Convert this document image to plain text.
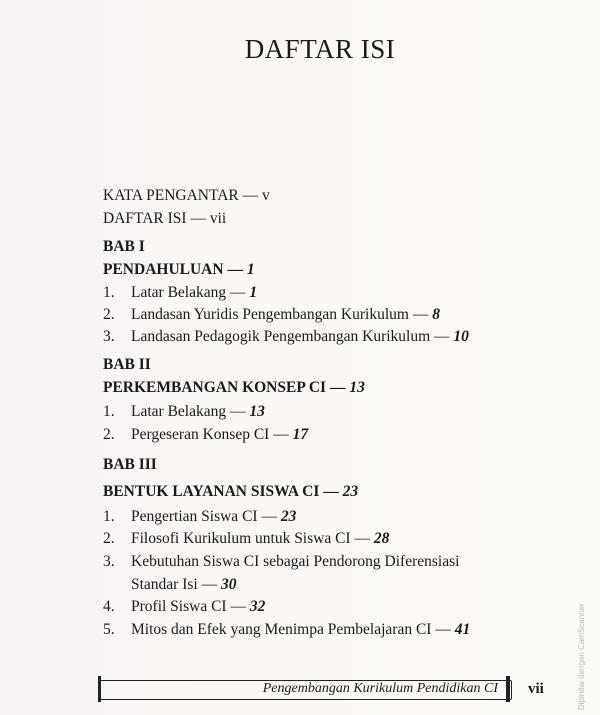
DAFTAR ISI
KATA PENGANTAR — v
DAFTAR ISI — vii
BAB I
PENDAHULUAN — 1
1. Latar Belakang — 1
2. Landasan Yuridis Pengembangan Kurikulum — 8
3. Landasan Pedagogik Pengembangan Kurikulum — 10
BAB II
PERKEMBANGAN KONSEP CI — 13
1. Latar Belakang — 13
2. Pergeseran Konsep CI — 17
BAB III
BENTUK LAYANAN SISWA CI — 23
1. Pengertian Siswa CI — 23
2. Filosofi Kurikulum untuk Siswa CI — 28
3. Kebutuhan Siswa CI sebagai Pendorong Diferensiasi
Standar Isi — 30
4. Profil Siswa CI — 32
5. Mitos dan Efek yang Menimpa Pembelajaran CI — 41
Pengembangan Kurikulum Pendidikan CI vii	Dipindai dengan CamScanner
